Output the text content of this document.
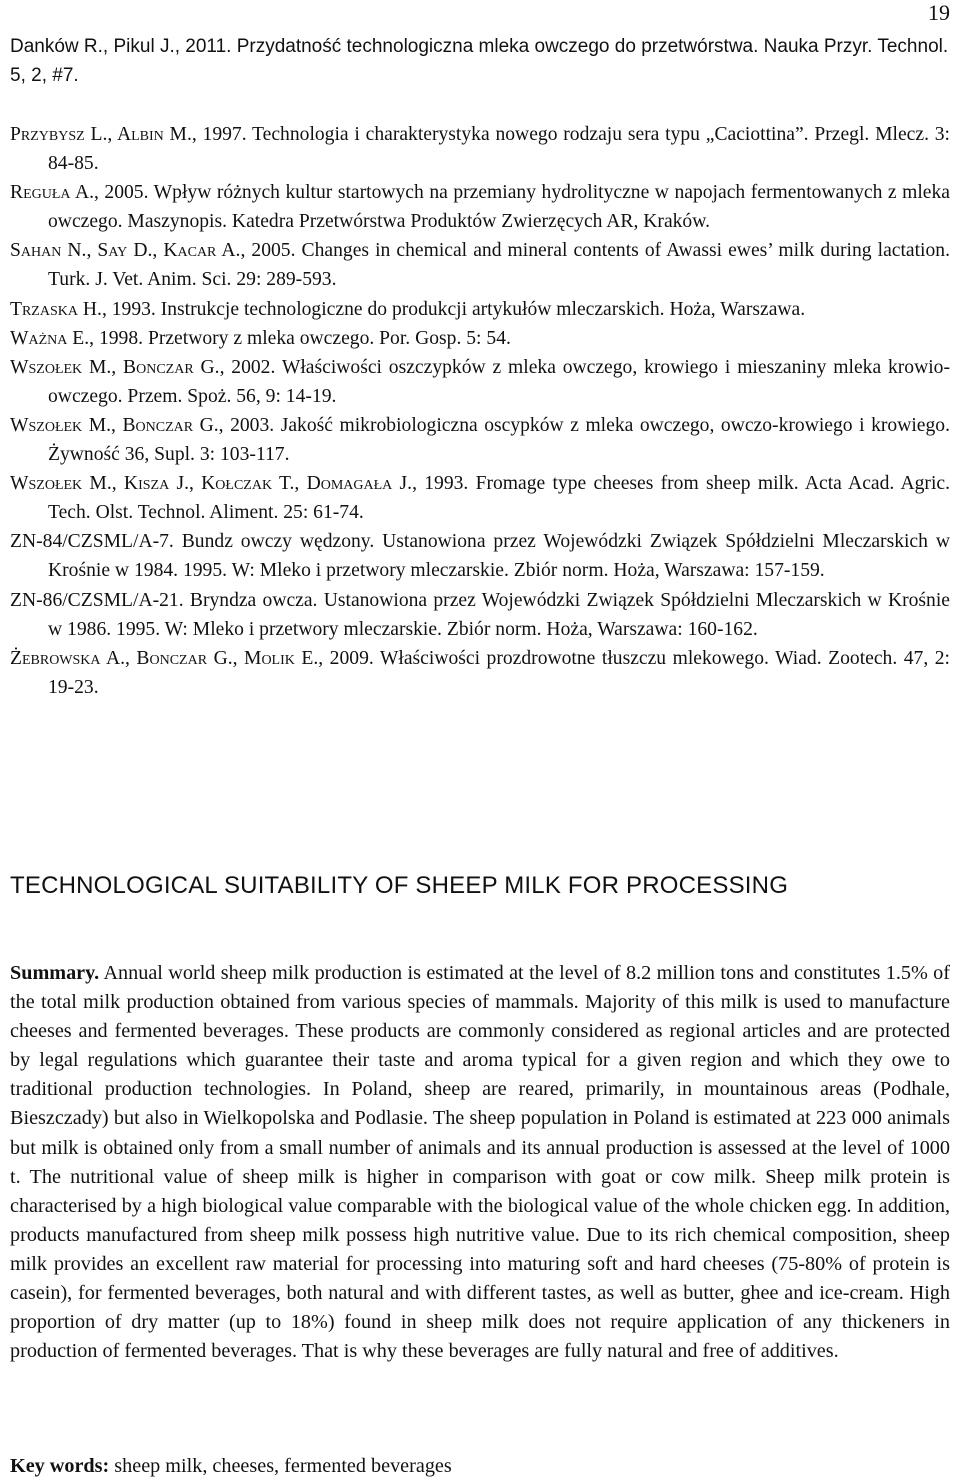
19
Danków R., Pikul J., 2011. Przydatność technologiczna mleka owczego do przetwórstwa. Nauka Przyr. Technol. 5, 2, #7.

Przybysz L., Albin M., 1997. Technologia i charakterystyka nowego rodzaju sera typu „Caciottina”. Przegl. Mlecz. 3: 84-85.

Reguła A., 2005. Wpływ różnych kultur startowych na przemiany hydrolityczne w napojach fermentowanych z mleka owczego. Maszynopis. Katedra Przetwórstwa Produktów Zwierzęcych AR, Kraków.

Sahan N., Say D., Kacar A., 2005. Changes in chemical and mineral contents of Awassi ewes’ milk during lactation. Turk. J. Vet. Anim. Sci. 29: 289-593.

Trzaska H., 1993. Instrukcje technologiczne do produkcji artykułów mleczarskich. Hoża, Warszawa.

Ważna E., 1998. Przetwory z mleka owczego. Por. Gosp. 5: 54.

Wszołek M., Bonczar G., 2002. Właściwości oszczypków z mleka owczego, krowiego i mieszaniny mleka krowio-owczego. Przem. Spoż. 56, 9: 14-19.

Wszołek M., Bonczar G., 2003. Jakość mikrobiologiczna oscypków z mleka owczego, owczo-krowiego i krowiego. Żywność 36, Supl. 3: 103-117.

Wszołek M., Kisza J., Kołczak T., Domagała J., 1993. Fromage type cheeses from sheep milk. Acta Acad. Agric. Tech. Olst. Technol. Aliment. 25: 61-74.

ZN-84/CZSML/A-7. Bundz owczy wędzony. Ustanowiona przez Wojewódzki Związek Spółdzielni Mleczarskich w Krośnie w 1984. 1995. W: Mleko i przetwory mleczarskie. Zbiór norm. Hoża, Warszawa: 157-159.

ZN-86/CZSML/A-21. Bryndza owcza. Ustanowiona przez Wojewódzki Związek Spółdzielni Mleczarskich w Krośnie w 1986. 1995. W: Mleko i przetwory mleczarskie. Zbiór norm. Hoża, Warszawa: 160-162.

Żebrowska A., Bonczar G., Molik E., 2009. Właściwości prozdrowotne tłuszczu mlekowego. Wiad. Zootech. 47, 2: 19-23.

TECHNOLOGICAL SUITABILITY OF SHEEP MILK FOR PROCESSING

Summary. Annual world sheep milk production is estimated at the level of 8.2 million tons and constitutes 1.5% of the total milk production obtained from various species of mammals. Majority of this milk is used to manufacture cheeses and fermented beverages. These products are commonly considered as regional articles and are protected by legal regulations which guarantee their taste and aroma typical for a given region and which they owe to traditional production technologies. In Poland, sheep are reared, primarily, in mountainous areas (Podhale, Bieszczady) but also in Wielkopolska and Podlasie. The sheep population in Poland is estimated at 223 000 animals but milk is obtained only from a small number of animals and its annual production is assessed at the level of 1000 t. The nutritional value of sheep milk is higher in comparison with goat or cow milk. Sheep milk protein is characterised by a high biological value comparable with the biological value of the whole chicken egg. In addition, products manufactured from sheep milk possess high nutritive value. Due to its rich chemical composition, sheep milk provides an excellent raw material for processing into maturing soft and hard cheeses (75-80% of protein is casein), for fermented beverages, both natural and with different tastes, as well as butter, ghee and ice-cream. High proportion of dry matter (up to 18%) found in sheep milk does not require application of any thickeners in production of fermented beverages. That is why these beverages are fully natural and free of additives.

Key words: sheep milk, cheeses, fermented beverages
